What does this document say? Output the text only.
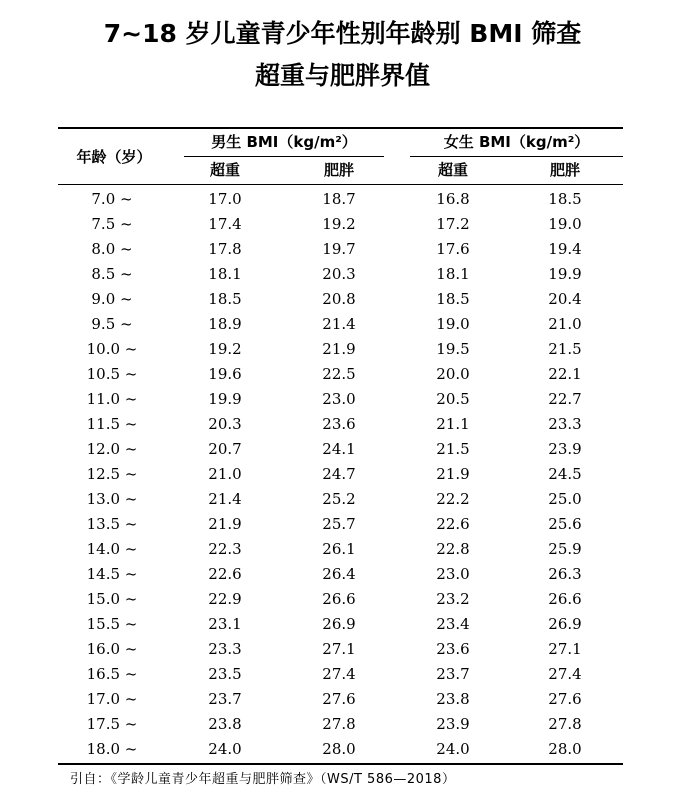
7~18 岁儿童青少年性别年龄别 BMI 筛查
超重与肥胖界值
年龄（岁）
男生 BMI（kg/m²）	女生 BMI（kg/m²）
超重	肥胖	超重	肥胖
7.0 ~	17.0	18.7	16.8	18.5
7.5 ~	17.4	19.2	17.2	19.0
8.0 ~	17.8	19.7	17.6	19.4
8.5 ~	18.1	20.3	18.1	19.9
9.0 ~	18.5	20.8	18.5	20.4
9.5 ~	18.9	21.4	19.0	21.0
10.0 ~	19.2	21.9	19.5	21.5
10.5 ~	19.6	22.5	20.0	22.1
11.0 ~	19.9	23.0	20.5	22.7
11.5 ~	20.3	23.6	21.1	23.3
12.0 ~	20.7	24.1	21.5	23.9
12.5 ~	21.0	24.7	21.9	24.5
13.0 ~	21.4	25.2	22.2	25.0
13.5 ~	21.9	25.7	22.6	25.6
14.0 ~	22.3	26.1	22.8	25.9
14.5 ~	22.6	26.4	23.0	26.3
15.0 ~	22.9	26.6	23.2	26.6
15.5 ~	23.1	26.9	23.4	26.9
16.0 ~	23.3	27.1	23.6	27.1
16.5 ~	23.5	27.4	23.7	27.4
17.0 ~	23.7	27.6	23.8	27.6
17.5 ~	23.8	27.8	23.9	27.8
18.0 ~	24.0	28.0	24.0	28.0
引自：《学龄儿童青少年超重与肥胖筛查》（WS/T 586—2018）
